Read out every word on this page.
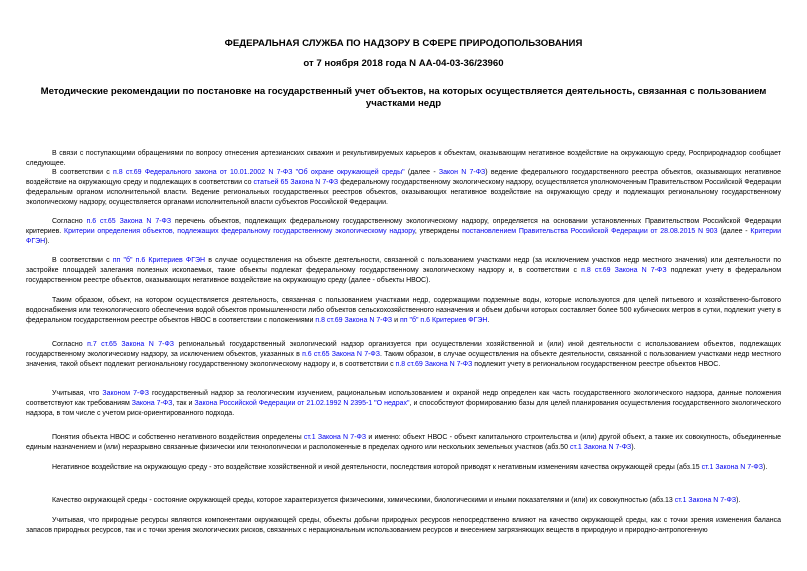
ФЕДЕРАЛЬНАЯ СЛУЖБА ПО НАДЗОРУ В СФЕРЕ ПРИРОДОПОЛЬЗОВАНИЯ
от 7 ноября 2018 года N АА-04-03-36/23960
Методические рекомендации по постановке на государственный учет объектов, на которых осуществляется деятельность, связанная с пользованием участками недр

В связи с поступающими обращениями по вопросу отнесения артезианских скважин и рекультивируемых карьеров к объектам, оказывающим негативное воздействие на окружающую среду, Росприроднадзор сообщает следующее.

В соответствии с п.8 ст.69 Федерального закона от 10.01.2002 N 7-ФЗ "Об охране окружающей среды" (далее - Закон N 7-ФЗ) ведение федерального государственного реестра объектов, оказывающих негативное воздействие на окружающую среду и подлежащих в соответствии со статьей 65 Закона N 7-ФЗ федеральному государственному экологическому надзору, осуществляется уполномоченным Правительством Российской Федерации федеральным органом исполнительной власти. Ведение региональных государственных реестров объектов, оказывающих негативное воздействие на окружающую среду и подлежащих региональному государственному экологическому надзору, осуществляется органами исполнительной власти субъектов Российской Федерации.

Согласно п.6 ст.65 Закона N 7-ФЗ перечень объектов, подлежащих федеральному государственному экологическому надзору, определяется на основании установленных Правительством Российской Федерации критериев. Критерии определения объектов, подлежащих федеральному государственному экологическому надзору, утверждены постановлением Правительства Российской Федерации от 28.08.2015 N 903 (далее - Критерии ФГЭН).

В соответствии с пп "б" п.6 Критериев ФГЭН в случае осуществления на объекте деятельности, связанной с пользованием участками недр (за исключением участков недр местного значения) или деятельности по застройке площадей залегания полезных ископаемых, такие объекты подлежат федеральному государственному экологическому надзору и, в соответствии с п.8 ст.69 Закона N 7-ФЗ подлежат учету в федеральном государственном реестре объектов, оказывающих негативное воздействие на окружающую среду (далее - объекты НВОС).

Таким образом, объект, на котором осуществляется деятельность, связанная с пользованием участками недр, содержащими подземные воды, которые используются для целей питьевого и хозяйственно-бытового водоснабжения или технологического обеспечения водой объектов промышленности либо объектов сельскохозяйственного назначения и объем добычи которых составляет более 500 кубических метров в сутки, подлежит учету в федеральном государственном реестре объектов НВОС в соответствии с положениями п.8 ст.69 Закона N 7-ФЗ и пп "б" п.6 Критериев ФГЭН.

Согласно п.7 ст.65 Закона N 7-ФЗ региональный государственный экологический надзор организуется при осуществлении хозяйственной и (или) иной деятельности с использованием объектов, подлежащих государственному экологическому надзору, за исключением объектов, указанных в п.6 ст.65 Закона N 7-ФЗ. Таким образом, в случае осуществления на объекте деятельности, связанной с пользованием участками недр местного значения, такой объект подлежит региональному государственному экологическому надзору и, в соответствии с п.8 ст.69 Закона N 7-ФЗ подлежит учету в региональном государственном реестре объектов НВОС.

Учитывая, что Законом 7-ФЗ государственный надзор за геологическим изучением, рациональным использованием и охраной недр определен как часть государственного экологического надзора, данные положения соответствуют как требованиям Закона 7-ФЗ, так и Закона Российской Федерации от 21.02.1992 N 2395-1 "О недрах", и способствуют формированию базы для целей планирования осуществления государственного экологического надзора, в том числе с учетом риск-ориентированного подхода.

Понятия объекта НВОС и собственно негативного воздействия определены ст.1 Закона N 7-ФЗ и именно: объект НВОС - объект капитального строительства и (или) другой объект, а также их совокупность, объединенные единым назначением и (или) неразрывно связанные физически или технологически и расположенные в пределах одного или нескольких земельных участков (абз.50 ст.1 Закона N 7-ФЗ).

Негативное воздействие на окружающую среду - это воздействие хозяйственной и иной деятельности, последствия которой приводят к негативным изменениям качества окружающей среды (абз.15 ст.1 Закона N 7-ФЗ).

Качество окружающей среды - состояние окружающей среды, которое характеризуется физическими, химическими, биологическими и иными показателями и (или) их совокупностью (абз.13 ст.1 Закона N 7-ФЗ).

Учитывая, что природные ресурсы являются компонентами окружающей среды, объекты добычи природных ресурсов непосредственно влияют на качество окружающей среды, как с точки зрения изменения баланса запасов природных ресурсов, так и с точки зрения экологических рисков, связанных с нерациональным использованием ресурсов и внесением загрязняющих веществ в природную и природно-антропогенную
